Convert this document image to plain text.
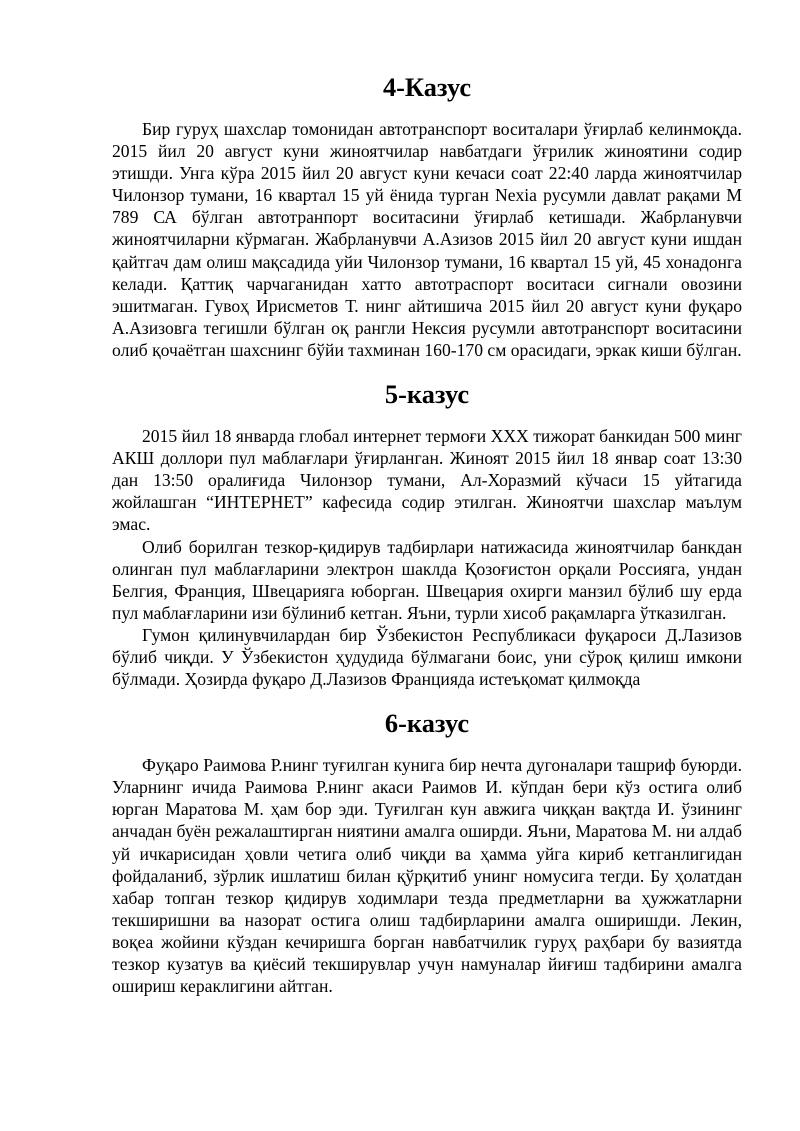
4-Казус

Бир гуруҳ шахслар томонидан автотранспорт воситалари ўғирлаб келинмоқда. 2015 йил 20 август куни жиноятчилар навбатдаги ўғрилик жиноятини содир этишди. Унга кўра 2015 йил 20 август куни кечаси соат 22:40 ларда жиноятчилар Чилонзор тумани, 16 квартал 15 уй ёнида турган Nexia русумли давлат рақами М 789 СА бўлган автотранпорт воситасини ўғирлаб кетишади. Жабрланувчи жиноятчиларни кўрмаган. Жабрланувчи А.Азизов 2015 йил 20 август куни ишдан қайтгач дам олиш мақсадида уйи Чилонзор тумани, 16 квартал 15 уй, 45 хонадонга келади. Қаттиқ чарчаганидан хатто автотраспорт воситаси сигнали овозини эшитмаган. Гувоҳ Ирисметов Т. нинг айтишича 2015 йил 20 август куни фуқаро А.Азизовга тегишли бўлган оқ рангли Нексия русумли автотранспорт воситасини олиб қочаётган шахснинг бўйи тахминан 160-170 см орасидаги, эркак киши бўлган.

5-казус

2015 йил 18 январда глобал интернет термоғи XXX тижорат банкидан 500 минг АКШ доллори пул маблағлари ўғирланган. Жиноят 2015 йил 18 январ соат 13:30 дан 13:50 оралиғида Чилонзор тумани, Ал-Хоразмий кўчаси 15 уйтагида жойлашган “ИНТЕРНЕТ” кафесида содир этилган. Жиноятчи шахслар маълум эмас.

Олиб борилган тезкор-қидирув тадбирлари натижасида жиноятчилар банкдан олинган пул маблағларини электрон шаклда Қозоғистон орқали Россияга, ундан Белгия, Франция, Швецарияга юборган. Швецария охирги манзил бўлиб шу ерда пул маблағларини изи бўлиниб кетган. Яъни, турли хисоб рақамларга ўтказилган.

Гумон қилинувчилардан бир Ўзбекистон Республикаси фуқароси Д.Лазизов бўлиб чиқди. У Ўзбекистон ҳудудида бўлмагани боис, уни сўроқ қилиш имкони бўлмади. Ҳозирда фуқаро Д.Лазизов Францияда истеъқомат қилмоқда

6-казус

Фуқаро Раимова Р.нинг туғилган кунига бир нечта дугоналари ташриф буюрди. Уларнинг ичида Раимова Р.нинг акаси Раимов И. кўпдан бери кўз остига олиб юрган Маратова М. ҳам бор эди. Туғилган кун авжига чиққан вақтда И. ўзининг анчадан буён режалаштирган ниятини амалга оширди. Яъни, Маратова М. ни алдаб уй ичкарисидан ҳовли четига олиб чиқди ва ҳамма уйга кириб кетганлигидан фойдаланиб, зўрлик ишлатиш билан қўрқитиб унинг номусига тегди. Бу ҳолатдан хабар топган тезкор қидирув ходимлари тезда предметларни ва ҳужжатларни текширишни ва назорат остига олиш тадбирларини амалга оширишди. Лекин, воқеа жойини кўздан кечиришга борган навбатчилик гуруҳ раҳбари бу вазиятда тезкор кузатув ва қиёсий текширувлар учун намуналар йиғиш тадбирини амалга ошириш кераклигини айтган.
